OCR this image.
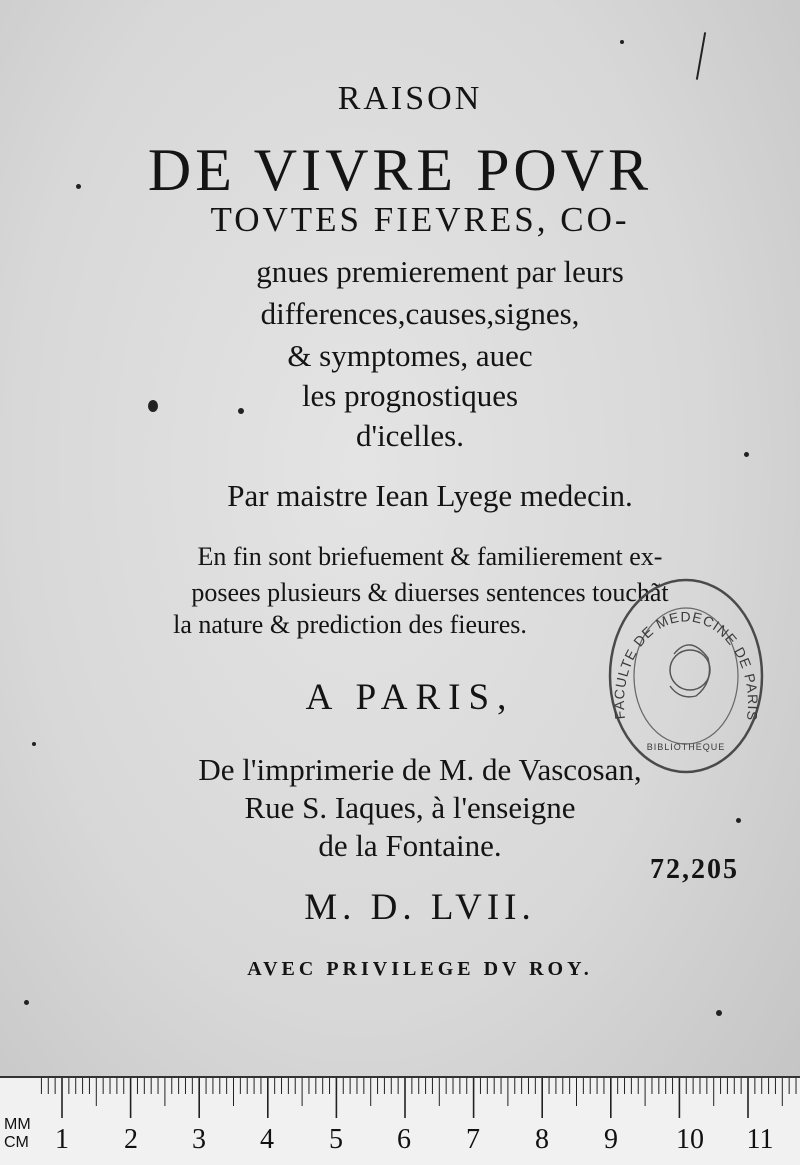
RAISON
DE VIVRE POVR
TOVTES FIEVRES, CO-
gnues premierement par leurs
differences,causes,signes,
& symptomes, auec
les prognostiques
d'icelles.
Par maistre Iean Lyege medecin.
En fin sont briefuement & familierement ex-
posees plusieurs & diuerses sentences touchãt
la nature & prediction des fieures.
A PARIS,
De l'imprimerie de M. de Vascosan,
Rue S. Iaques, à l'enseigne
de la Fontaine.
M. D. LVII.
AVEC PRIVILEGE DV ROY.
72,205
FACULTE DE MEDECINE DE PARIS
BIBLIOTHEQUE
MM
CM 1 2 3 4 5 6 7 8 9 10 11
